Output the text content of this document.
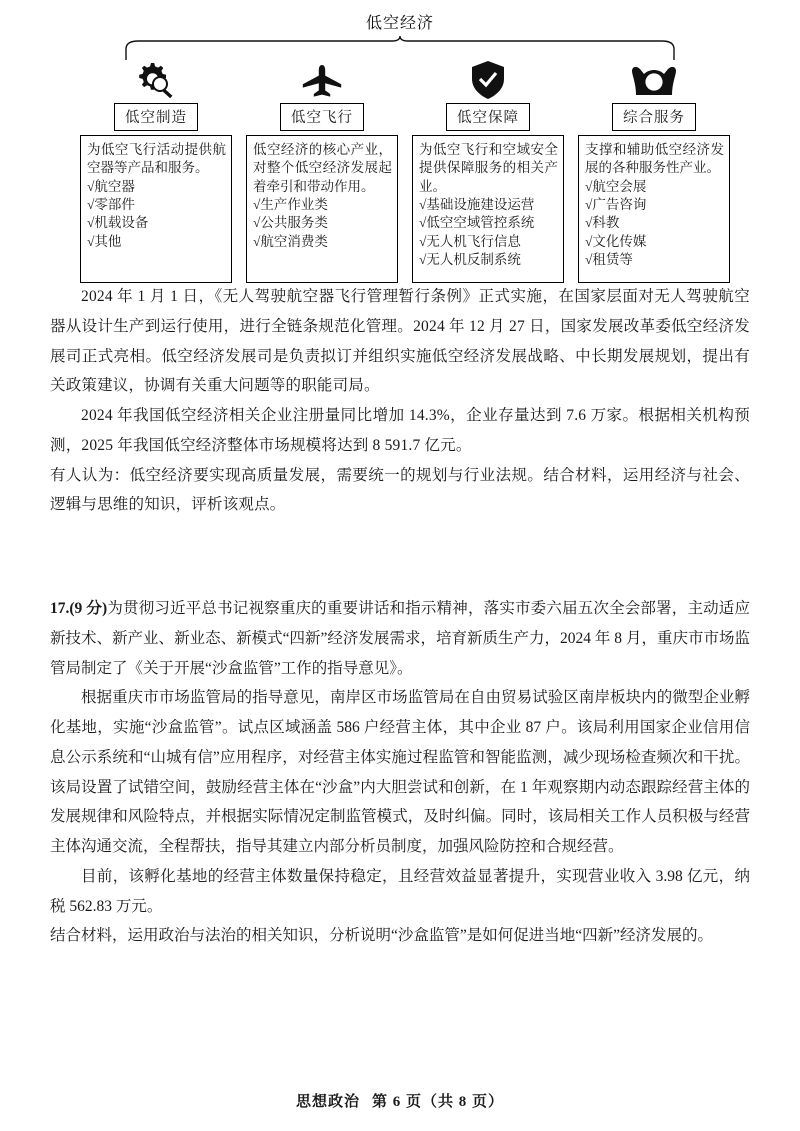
低空经济
低空制造
为低空飞行活动提供航空器等产品和服务。
√航空器
√零部件
√机载设备
√其他
低空飞行
低空经济的核心产业，对整个低空经济发展起着牵引和带动作用。
√生产作业类
√公共服务类
√航空消费类
低空保障
为低空飞行和空域安全提供保障服务的相关产业。
√基础设施建设运营
√低空空域管控系统
√无人机飞行信息
√无人机反制系统
综合服务
支撑和辅助低空经济发展的各种服务性产业。
√航空会展
√广告咨询
√科教
√文化传媒
√租赁等

2024 年 1 月 1 日，《无人驾驶航空器飞行管理暂行条例》正式实施，在国家层面对无人驾驶航空器从设计生产到运行使用，进行全链条规范化管理。2024 年 12 月 27 日，国家发展改革委低空经济发展司正式亮相。低空经济发展司是负责拟订并组织实施低空经济发展战略、中长期发展规划，提出有关政策建议，协调有关重大问题等的职能司局。

2024 年我国低空经济相关企业注册量同比增加 14.3%，企业存量达到 7.6 万家。根据相关机构预测，2025 年我国低空经济整体市场规模将达到 8 591.7 亿元。

有人认为：低空经济要实现高质量发展，需要统一的规划与行业法规。结合材料，运用经济与社会、逻辑与思维的知识，评析该观点。

17.(9 分)为贯彻习近平总书记视察重庆的重要讲话和指示精神，落实市委六届五次全会部署，主动适应新技术、新产业、新业态、新模式“四新”经济发展需求，培育新质生产力，2024 年 8 月，重庆市市场监管局制定了《关于开展“沙盒监管”工作的指导意见》。

根据重庆市市场监管局的指导意见，南岸区市场监管局在自由贸易试验区南岸板块内的微型企业孵化基地，实施“沙盒监管”。试点区域涵盖 586 户经营主体，其中企业 87 户。该局利用国家企业信用信息公示系统和“山城有信”应用程序，对经营主体实施过程监管和智能监测，减少现场检查频次和干扰。该局设置了试错空间，鼓励经营主体在“沙盒”内大胆尝试和创新，在 1 年观察期内动态跟踪经营主体的发展规律和风险特点，并根据实际情况定制监管模式，及时纠偏。同时，该局相关工作人员积极与经营主体沟通交流，全程帮扶，指导其建立内部分析员制度，加强风险防控和合规经营。

目前，该孵化基地的经营主体数量保持稳定，且经营效益显著提升，实现营业收入 3.98 亿元，纳税 562.83 万元。

结合材料，运用政治与法治的相关知识，分析说明“沙盒监管”是如何促进当地“四新”经济发展的。

思想政治 第 6 页（共 8 页）
